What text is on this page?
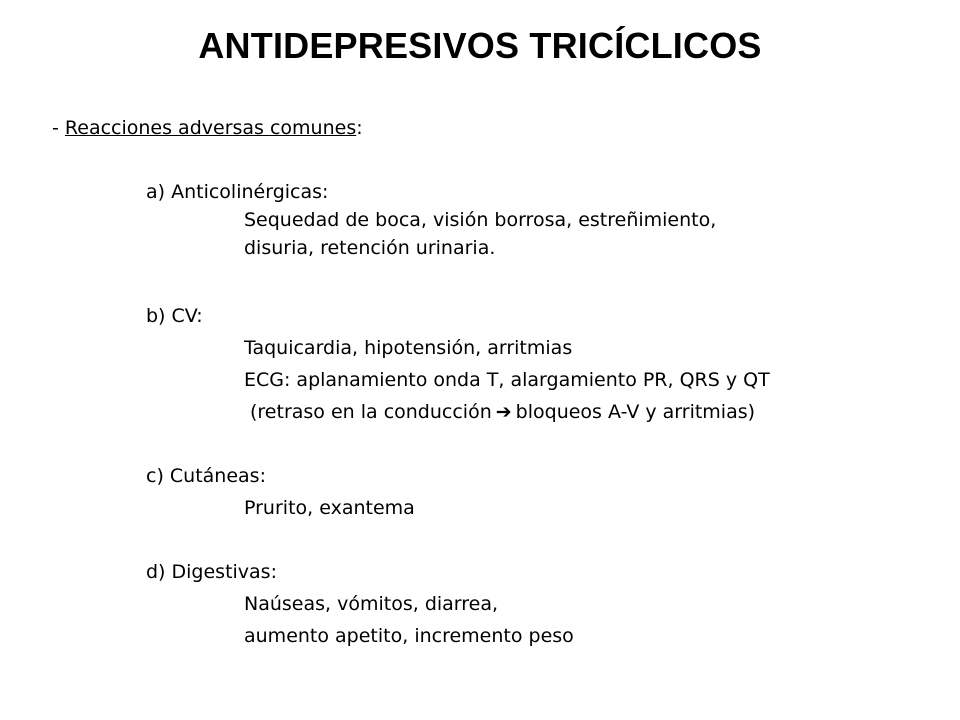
ANTIDEPRESIVOS TRICÍCLICOS
- Reacciones adversas comunes:
a) Anticolinérgicas:
Sequedad de boca, visión borrosa, estreñimiento,
disuria, retención urinaria.
b) CV:
Taquicardia, hipotensión, arritmias
ECG: aplanamiento onda T, alargamiento PR, QRS y QT
(retraso en la conducción ➔ bloqueos A-V y arritmias)
c) Cutáneas:
Prurito, exantema
d) Digestivas:
Naúseas, vómitos, diarrea,
aumento apetito, incremento peso
